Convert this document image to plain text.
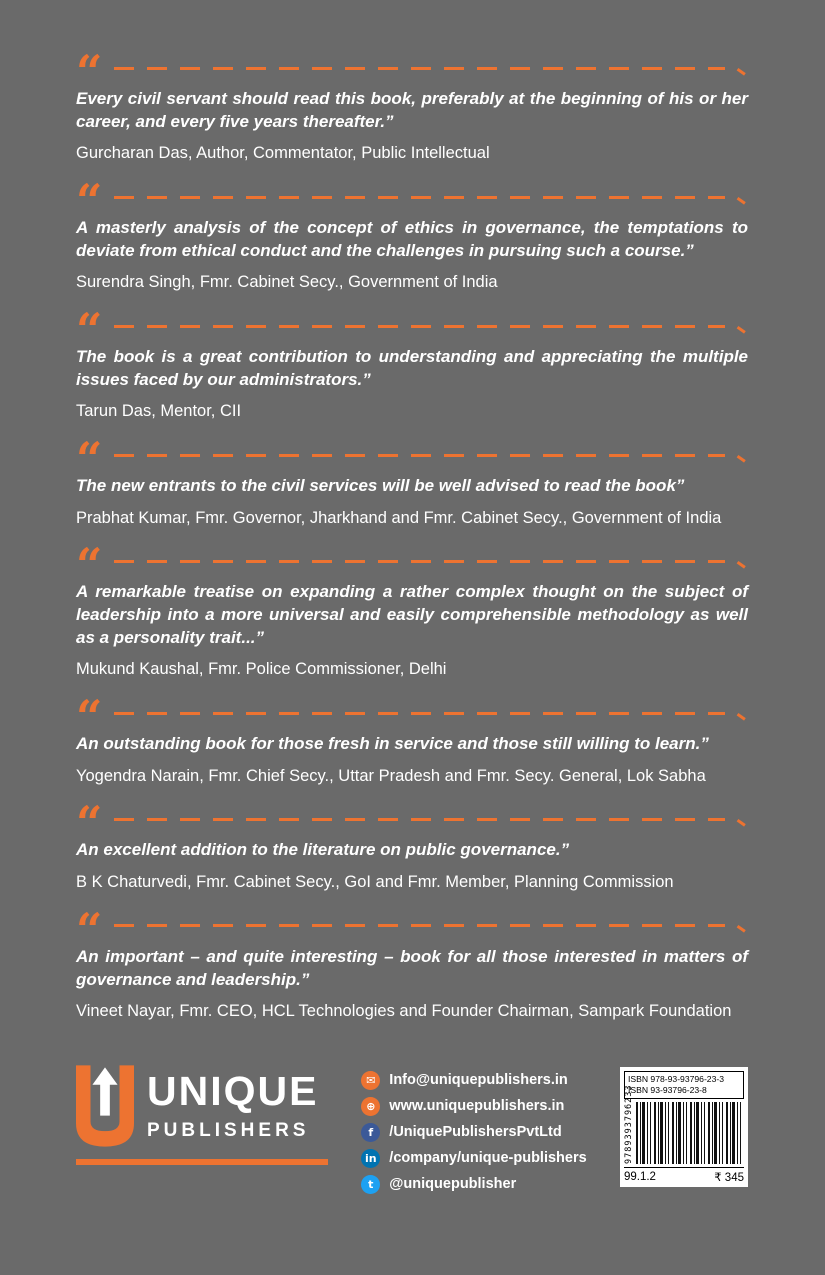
“

Every civil servant should read this book, preferably at the beginning of his or her career, and every five years thereafter.”

Gurcharan Das, Author, Commentator, Public Intellectual

“

A masterly analysis of the concept of ethics in governance, the temptations to deviate from ethical conduct and the challenges in pursuing such a course.”

Surendra Singh, Fmr. Cabinet Secy., Government of India

“

The book is a great contribution to understanding and appreciating the multiple issues faced by our administrators.”

Tarun Das, Mentor, CII

“

The new entrants to the civil services will be well advised to read the book”

Prabhat Kumar, Fmr. Governor, Jharkhand and Fmr. Cabinet Secy., Government of India

“

A remarkable treatise on expanding a rather complex thought on the subject of leadership into a more universal and easily comprehensible methodology as well as a personality trait...”

Mukund Kaushal, Fmr. Police Commissioner, Delhi

“

An outstanding book for those fresh in service and those still willing to learn.”

Yogendra Narain, Fmr. Chief Secy., Uttar Pradesh and Fmr. Secy. General, Lok Sabha

“

An excellent addition to the literature on public governance.”

B K Chaturvedi, Fmr. Cabinet Secy., GoI and Fmr. Member, Planning Commission

“

An important – and quite interesting – book for all those interested in matters of governance and leadership.”

Vineet Nayar, Fmr. CEO, HCL Technologies and Founder Chairman, Sampark Foundation

UNIQUE
PUBLISHERS
✉ Info@uniquepublishers.in
⊕ www.uniquepublishers.in
f	/UniquePublishersPvtLtd
in /company/unique-publishers
t	@uniquepublisher
ISBN 978-93-93796-23-3
ISBN 93-93796-23-8
9789393796233
99.1.2	₹ 345
